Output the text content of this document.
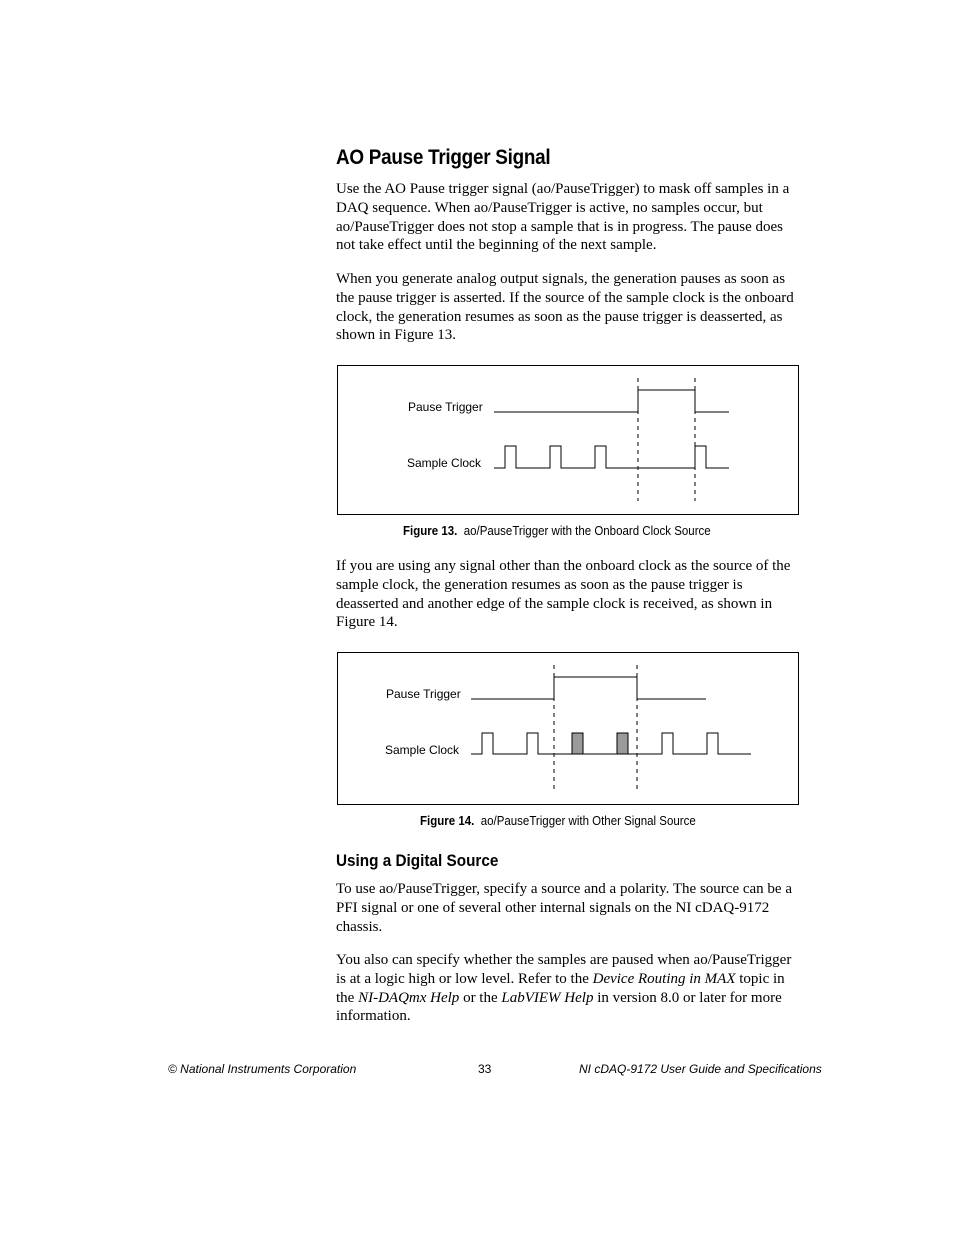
AO Pause Trigger Signal

Use the AO Pause trigger signal (ao/PauseTrigger) to mask off samples in a DAQ sequence. When ao/PauseTrigger is active, no samples occur, but ao/PauseTrigger does not stop a sample that is in progress. The pause does not take effect until the beginning of the next sample.

When you generate analog output signals, the generation pauses as soon as the pause trigger is asserted. If the source of the sample clock is the onboard clock, the generation resumes as soon as the pause trigger is deasserted, as shown in Figure 13.

Pause Trigger
Sample Clock
Figure 13. ao/PauseTrigger with the Onboard Clock Source

If you are using any signal other than the onboard clock as the source of the sample clock, the generation resumes as soon as the pause trigger is deasserted and another edge of the sample clock is received, as shown in Figure 14.

Pause Trigger
Sample Clock
Figure 14. ao/PauseTrigger with Other Signal Source
Using a Digital Source

To use ao/PauseTrigger, specify a source and a polarity. The source can be a PFI signal or one of several other internal signals on the NI cDAQ-9172 chassis.

You also can specify whether the samples are paused when ao/PauseTrigger is at a logic high or low level. Refer to the Device Routing in MAX topic in the NI-DAQmx Help or the LabVIEW Help in version 8.0 or later for more information.

© National Instruments Corporation	33	NI cDAQ-9172 User Guide and Specifications
